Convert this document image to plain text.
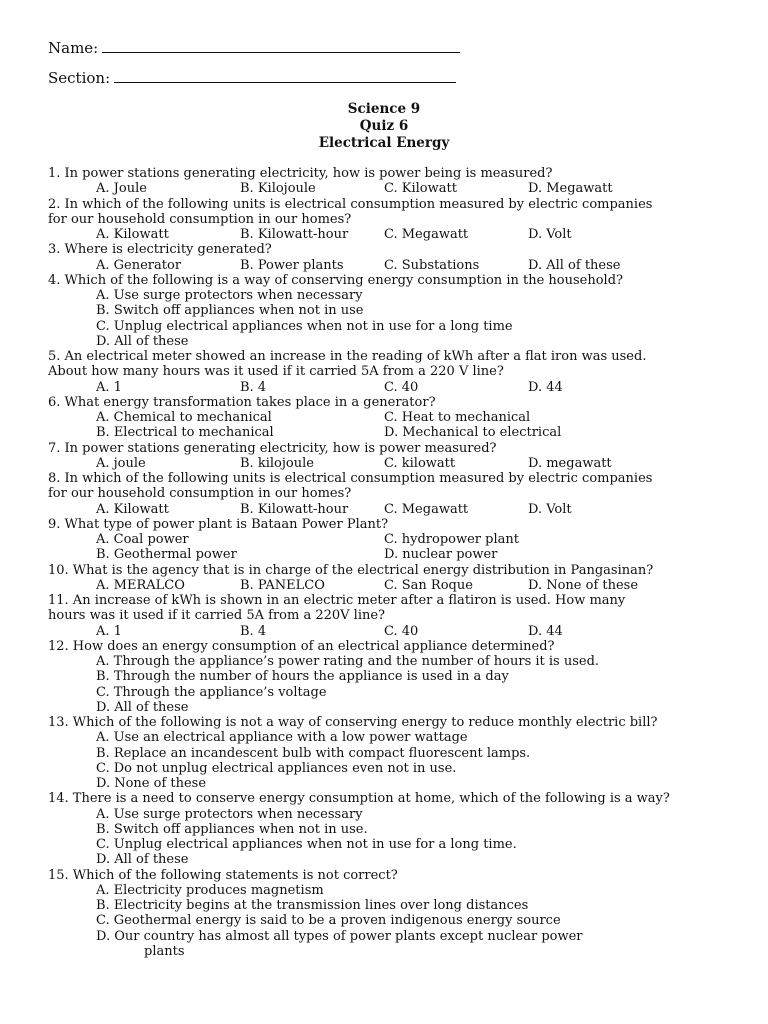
Name:
Section:
Science 9
Quiz 6
Electrical Energy
1. In power stations generating electricity, how is power being is measured?
A. Joule	B. Kilojoule	C. Kilowatt	D. Megawatt
2. In which of the following units is electrical consumption measured by electric companies
for our household consumption in our homes?
A. Kilowatt	B. Kilowatt-hour	C. Megawatt	D. Volt
3. Where is electricity generated?
A. Generator	B. Power plants	C. Substations	D. All of these
4. Which of the following is a way of conserving energy consumption in the household?
A. Use surge protectors when necessary
B. Switch off appliances when not in use
C. Unplug electrical appliances when not in use for a long time
D. All of these
5. An electrical meter showed an increase in the reading of kWh after a flat iron was used.
About how many hours was it used if it carried 5A from a 220 V line?
A. 1	B. 4	C. 40	D. 44
6. What energy transformation takes place in a generator?
A. Chemical to mechanical	C. Heat to mechanical
B. Electrical to mechanical	D. Mechanical to electrical
7. In power stations generating electricity, how is power measured?
A. joule	B. kilojoule	C. kilowatt	D. megawatt
8. In which of the following units is electrical consumption measured by electric companies
for our household consumption in our homes?
A. Kilowatt	B. Kilowatt-hour	C. Megawatt	D. Volt
9. What type of power plant is Bataan Power Plant?
A. Coal power	C. hydropower plant
B. Geothermal power	D. nuclear power
10. What is the agency that is in charge of the electrical energy distribution in Pangasinan?
A. MERALCO	B. PANELCO	C. San Roque	D. None of these
11. An increase of kWh is shown in an electric meter after a flatiron is used. How many
hours was it used if it carried 5A from a 220V line?
A. 1	B. 4	C. 40	D. 44
12. How does an energy consumption of an electrical appliance determined?
A. Through the appliance’s power rating and the number of hours it is used.
B. Through the number of hours the appliance is used in a day
C. Through the appliance’s voltage
D. All of these
13. Which of the following is not a way of conserving energy to reduce monthly electric bill?
A. Use an electrical appliance with a low power wattage
B. Replace an incandescent bulb with compact fluorescent lamps.
C. Do not unplug electrical appliances even not in use.
D. None of these
14. There is a need to conserve energy consumption at home, which of the following is a way?
A. Use surge protectors when necessary
B. Switch off appliances when not in use.
C. Unplug electrical appliances when not in use for a long time.
D. All of these
15. Which of the following statements is not correct?
A. Electricity produces magnetism
B. Electricity begins at the transmission lines over long distances
C. Geothermal energy is said to be a proven indigenous energy source
D. Our country has almost all types of power plants except nuclear power
plants
